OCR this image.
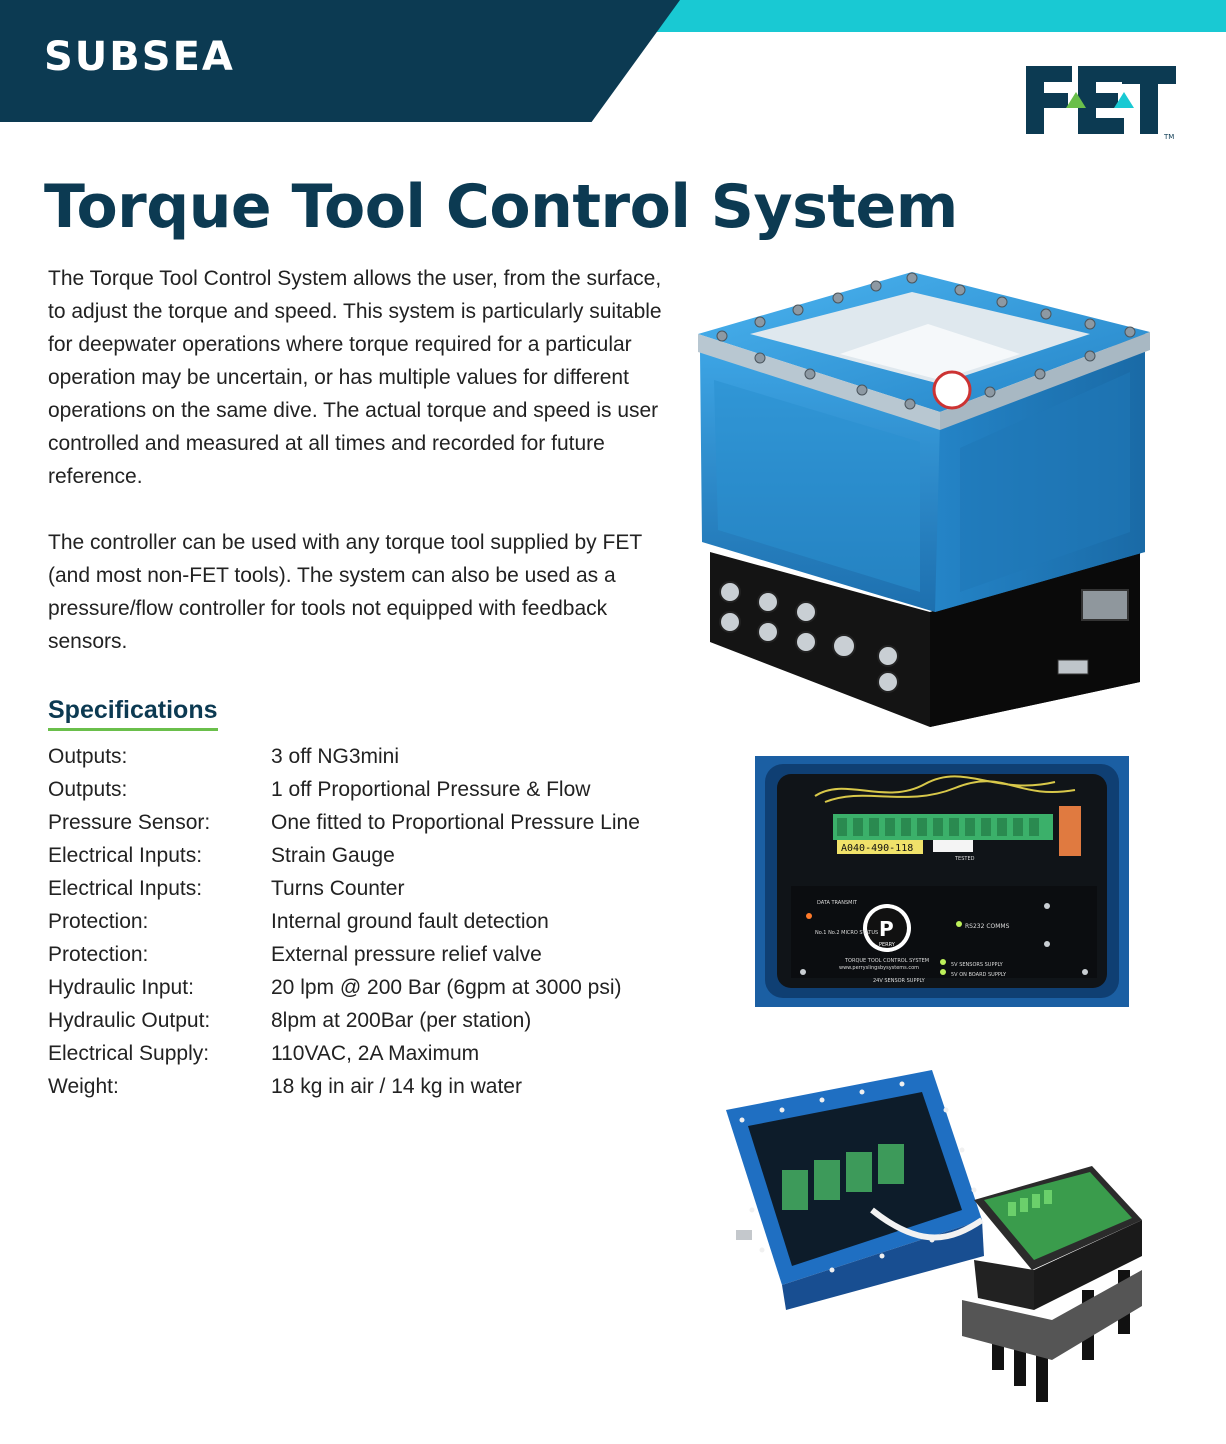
SUBSEA
TM
Torque Tool Control System

The Torque Tool Control System allows the user, from the surface, to adjust the torque and speed. This system is particularly suitable for deepwater operations where torque required for a particular operation may be uncertain, or has multiple values for different operations on the same dive. The actual torque and speed is user controlled and measured at all times and recorded for future reference.

The controller can be used with any torque tool supplied by FET (and most non-FET tools). The system can also be used as a pressure/flow controller for tools not equipped with feedback sensors.

Specifications
Outputs:	3 off NG3mini
Outputs:	1 off Proportional Pressure & Flow
Pressure Sensor:	One fitted to Proportional Pressure Line
Electrical Inputs:	Strain Gauge
Electrical Inputs:	Turns Counter
Protection:	Internal ground fault detection
Protection:	External pressure relief valve
Hydraulic Input:	20 lpm @ 200 Bar (6gpm at 3000 psi)
Hydraulic Output:	8lpm at 200Bar (per station)
Electrical Supply:	110VAC, 2A Maximum
Weight:	18 kg in air / 14 kg in water
A040-490-118
TESTED
P
PERRY
DATA TRANSMIT
No.1 No.2 MICRO STATUS
RS232 COMMS
5V SENSORS SUPPLY
5V ON BOARD SUPPLY
TORQUE TOOL CONTROL SYSTEM
www.perryslingsbysystems.com
24V SENSOR SUPPLY
